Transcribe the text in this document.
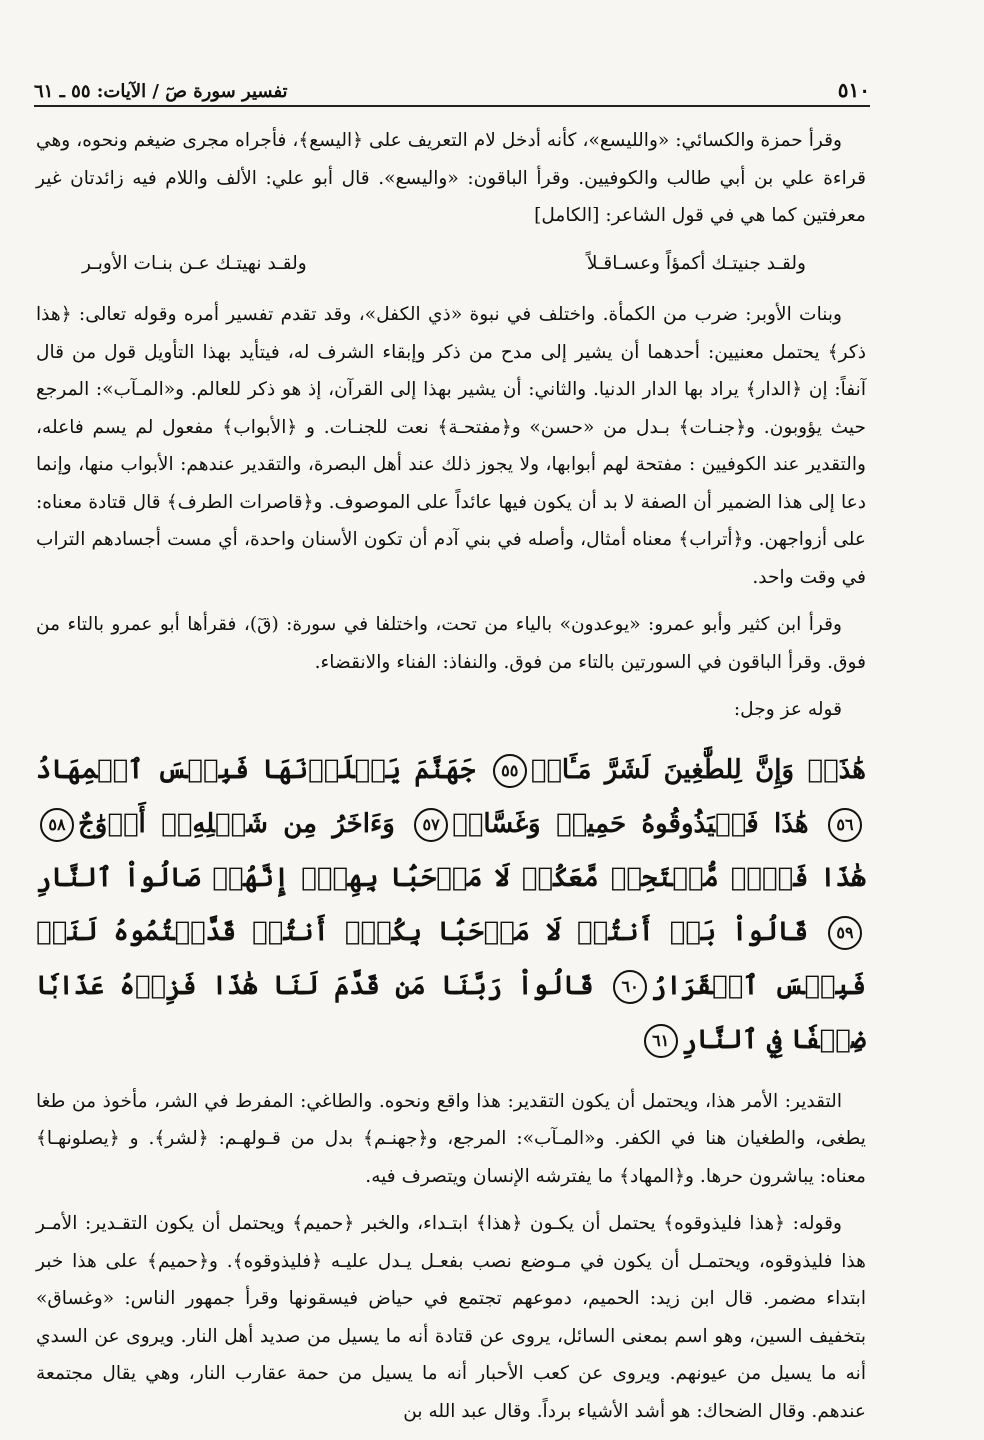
تفسير سورة صٓ / الآيات: ٥٥ ـ ٦١	٥١٠

وقرأ حمزة والكسائي: «والليسع»، كأنه أدخل لام التعريف على ﴿اليسع﴾، فأجراه مجرى ضيغم ونحوه، وهي قراءة علي بن أبي طالب والكوفيين. وقرأ الباقون: «واليسع». قال أبو علي: الألف واللام فيه زائدتان غير معرفتين كما هي في قول الشاعر: [الكامل]

ولقـد جنيتـك أكمؤاً وعسـاقـلاً
ولقـد نهيتـك عـن بنـات الأوبـر

وبنات الأوبر: ضرب من الكمأة. واختلف في نبوة «ذي الكفل»، وقد تقدم تفسير أمره وقوله تعالى: ﴿هذا ذكر﴾ يحتمل معنيين: أحدهما أن يشير إلى مدح من ذكر وإبقاء الشرف له، فيتأيد بهذا التأويل قول من قال آنفاً: إن ﴿الدار﴾ يراد بها الدار الدنيا. والثاني: أن يشير بهذا إلى القرآن، إذ هو ذكر للعالم. و«المـآب»: المرجع حيث يؤوبون. و﴿جنـات﴾ بـدل من «حسن» و﴿مفتحـة﴾ نعت للجنـات. و ﴿الأبواب﴾ مفعول لم يسم فاعله، والتقدير عند الكوفيين : مفتحة لهم أبوابها، ولا يجوز ذلك عند أهل البصرة، والتقدير عندهم: الأبواب منها، وإنما دعا إلى هذا الضمير أن الصفة لا بد أن يكون فيها عائداً على الموصوف. و﴿قاصرات الطرف﴾ قال قتادة معناه: على أزواجهن. و﴿أتراب﴾ معناه أمثال، وأصله في بني آدم أن تكون الأسنان واحدة، أي مست أجسادهم التراب في وقت واحد.

وقرأ ابن كثير وأبو عمرو: «يوعدون» بالياء من تحت، واختلفا في سورة: (قٓ)، فقرأها أبو عمرو بالتاء من فوق. وقرأ الباقون في السورتين بالتاء من فوق. والنفاذ: الفناء والانقضاء.

قوله عز وجل:

هَٰذَاۚ وَإِنَّ لِلطَّٰغِينَ لَشَرَّ مَـَٔابٖ٥٥ جَهَنَّمَ يَصۡلَوۡنَهَا فَبِئۡسَ ٱلۡمِهَادُ٥٦ هَٰذَا فَلۡيَذُوقُوهُ حَمِيمٞ وَغَسَّاقٞ٥٧ وَءَاخَرُ مِن شَكۡلِهِۦٓ أَزۡوَٰجٌ٥٨ هَٰذَا فَوۡجٞ مُّقۡتَحِمٞ مَّعَكُمۡ لَا مَرۡحَبَۢا بِهِمۡۚ إِنَّهُمۡ صَالُواْ ٱلنَّارِ٥٩ قَالُواْ بَلۡ أَنتُمۡ لَا مَرۡحَبَۢا بِكُمۡۖ أَنتُمۡ قَدَّمۡتُمُوهُ لَنَاۖ فَبِئۡسَ ٱلۡقَرَارُ٦٠ قَالُواْ رَبَّنَا مَن قَدَّمَ لَنَا هَٰذَا فَزِدۡهُ عَذَابٗا ضِعۡفٗا فِي ٱلنَّارِ٦١

التقدير: الأمر هذا، ويحتمل أن يكون التقدير: هذا واقع ونحوه. والطاغي: المفرط في الشر، مأخوذ من طغا يطغى، والطغيان هنا في الكفر. و«المـآب»: المرجع، و﴿جهنـم﴾ بدل من قـولهـم: ﴿لشر﴾. و ﴿يصلونهـا﴾ معناه: يباشرون حرها. و﴿المهاد﴾ ما يفترشه الإنسان ويتصرف فيه.

وقوله: ﴿هذا فليذوقوه﴾ يحتمل أن يكـون ﴿هذا﴾ ابتـداء، والخبر ﴿حميم﴾ ويحتمل أن يكون التقـدير: الأمـر هذا فليذوقوه، ويحتمـل أن يكون في مـوضع نصب بفعـل يـدل عليـه ﴿فليذوقوه﴾. و﴿حميم﴾ على هذا خبر ابتداء مضمر. قال ابن زيد: الحميم، دموعهم تجتمع في حياض فيسقونها وقرأ جمهور الناس: «وغساق» بتخفيف السين، وهو اسم بمعنى السائل، يروى عن قتادة أنه ما يسيل من صديد أهل النار. ويروى عن السدي أنه ما يسيل من عيونهم. ويروى عن كعب الأحبار أنه ما يسيل من حمة عقارب النار، وهي يقال مجتمعة عندهم. وقال الضحاك: هو أشد الأشياء برداً. وقال عبد الله بن
